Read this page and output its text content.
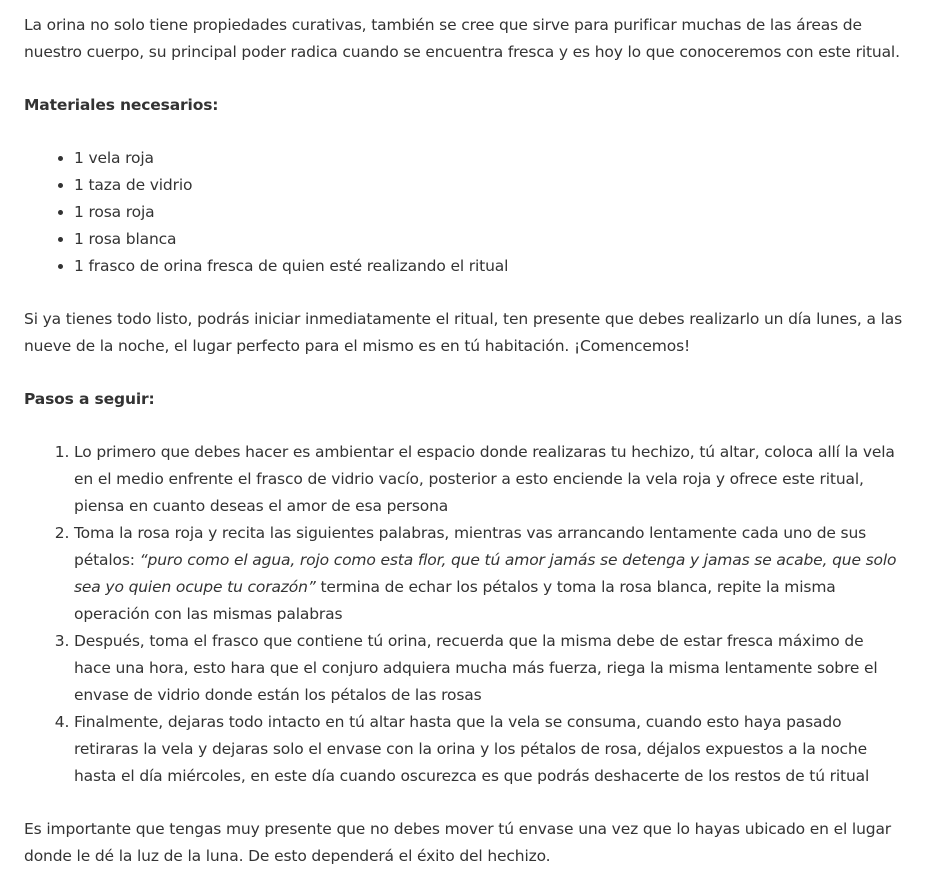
La orina no solo tiene propiedades curativas, también se cree que sirve para purificar muchas de las áreas de nuestro cuerpo, su principal poder radica cuando se encuentra fresca y es hoy lo que conoceremos con este ritual.

Materiales necesarios:

• 1 vela roja
• 1 taza de vidrio
• 1 rosa roja
• 1 rosa blanca
• 1 frasco de orina fresca de quien esté realizando el ritual

Si ya tienes todo listo, podrás iniciar inmediatamente el ritual, ten presente que debes realizarlo un día lunes, a las nueve de la noche, el lugar perfecto para el mismo es en tú habitación. ¡Comencemos!

Pasos a seguir:

1. Lo primero que debes hacer es ambientar el espacio donde realizaras tu hechizo, tú altar, coloca allí la vela en el medio enfrente el frasco de vidrio vacío, posterior a esto enciende la vela roja y ofrece este ritual, piensa en cuanto deseas el amor de esa persona
2. Toma la rosa roja y recita las siguientes palabras, mientras vas arrancando lentamente cada uno de sus pétalos: “puro como el agua, rojo como esta flor, que tú amor jamás se detenga y jamas se acabe, que solo sea yo quien ocupe tu corazón” termina de echar los pétalos y toma la rosa blanca, repite la misma operación con las mismas palabras
3. Después, toma el frasco que contiene tú orina, recuerda que la misma debe de estar fresca máximo de hace una hora, esto hara que el conjuro adquiera mucha más fuerza, riega la misma lentamente sobre el envase de vidrio donde están los pétalos de las rosas
4. Finalmente, dejaras todo intacto en tú altar hasta que la vela se consuma, cuando esto haya pasado retiraras la vela y dejaras solo el envase con la orina y los pétalos de rosa, déjalos expuestos a la noche hasta el día miércoles, en este día cuando oscurezca es que podrás deshacerte de los restos de tú ritual

Es importante que tengas muy presente que no debes mover tú envase una vez que lo hayas ubicado en el lugar donde le dé la luz de la luna. De esto dependerá el éxito del hechizo.
